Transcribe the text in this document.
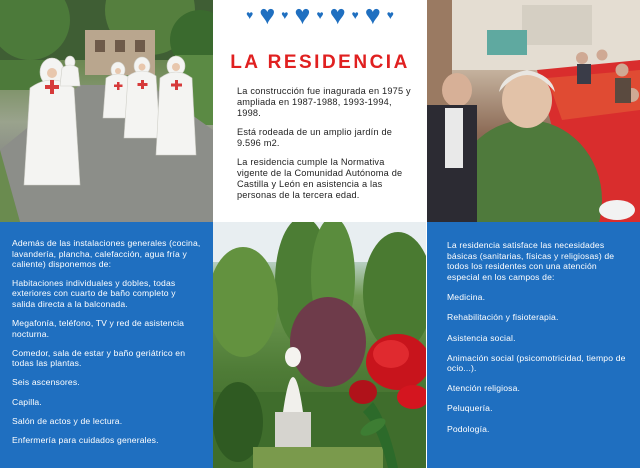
♥ ♥ ♥ ♥ ♥ ♥ ♥ ♥ ♥
LA RESIDENCIA

La construcción fue inagurada en 1975 y ampliada en 1987-1988, 1993-1994, 1998.

Está rodeada de un amplio jardín de 9.596 m2.

La residencia cumple la Normativa vigente de la Comunidad Autónoma de Castilla y León en asistencia a las personas de la tercera edad.

Además de las instalaciones generales (cocina, lavandería, plancha, calefacción, agua fría y caliente) disponemos de:

Habitaciones individuales y dobles, todas exteriores con cuarto de baño completo y salida directa a la balconada.

Megafonía, teléfono, TV y red de asistencia nocturna.

Comedor, sala de estar y baño geriátrico en todas las plantas.

Seis ascensores.

Capilla.

Salón de actos y de lectura.

Enfermería para cuidados generales.

La residencia satisface las necesidades básicas (sanitarias, físicas y religiosas) de todos los residentes con una atención especial en los campos de:

Medicina.

Rehabilitación y fisioterapia.

Asistencia social.

Animación social (psicomotricidad, tiempo de ocio...).

Atención religiosa.

Peluquería.

Podología.
